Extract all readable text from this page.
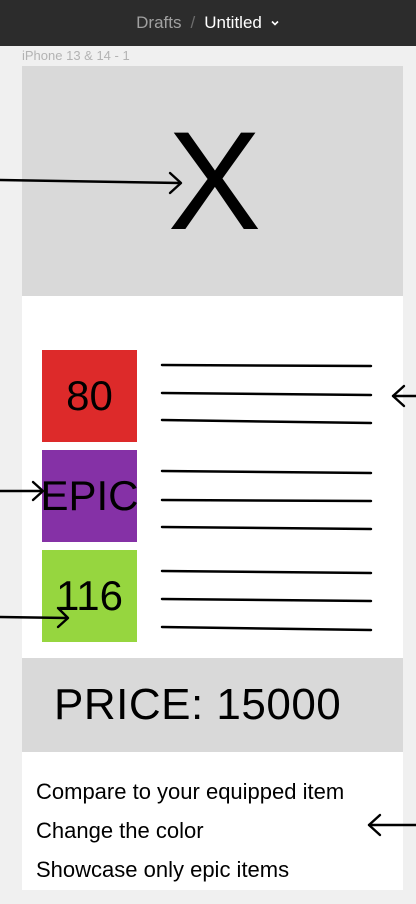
Drafts / Untitled
iPhone 13 & 14 - 1
X
80
EPIC
116
PRICE: 15000
Compare to your equipped item
Change the color
Showcase only epic items
